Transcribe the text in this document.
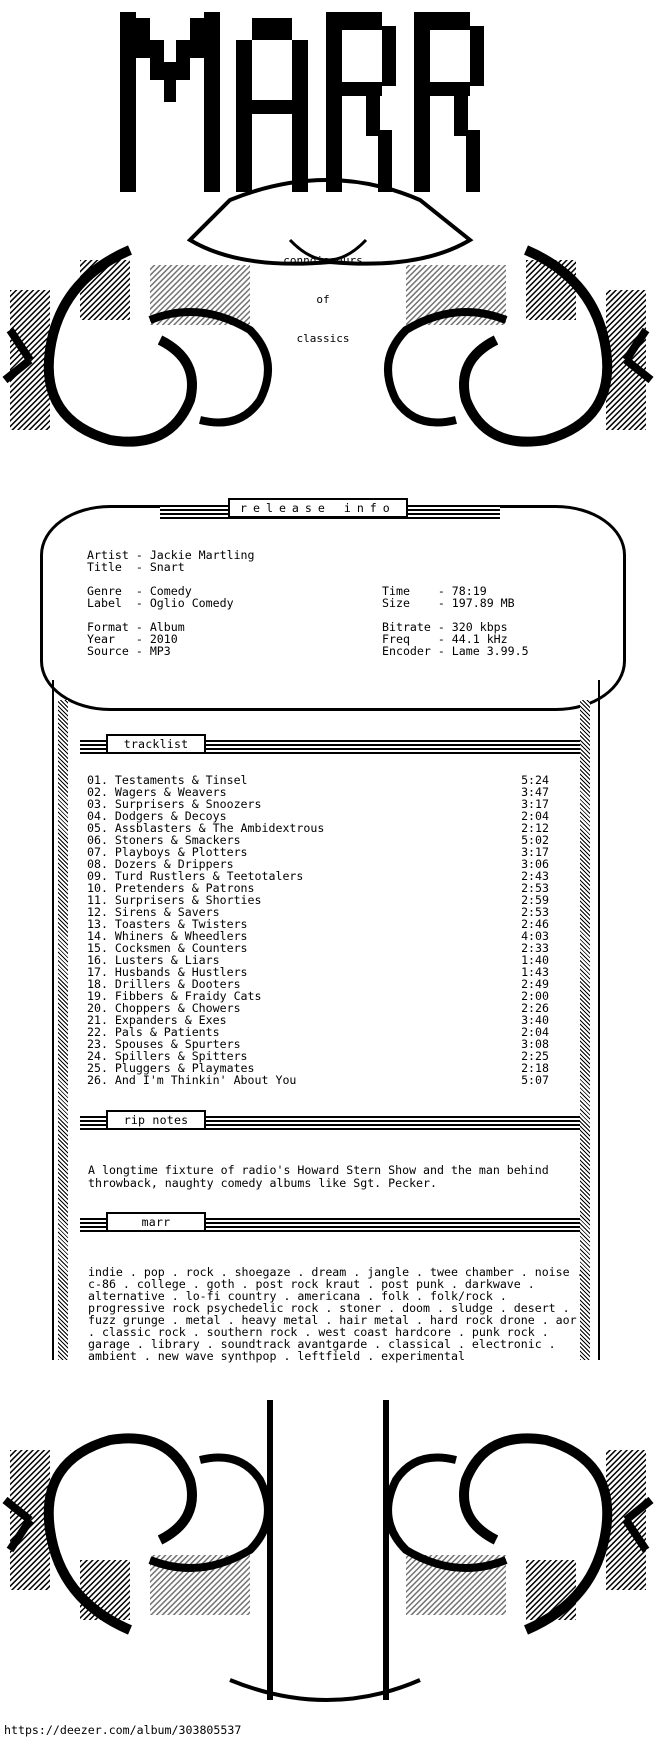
connoisseurs

of

classics

release info
Artist - Jackie Martling
Title  - Snart

Genre  - Comedy
Label  - Oglio Comedy

Format - Album
Year   - 2010
Source - MP3
Time    - 78:19
Size    - 197.89 MB

Bitrate - 320 kbps
Freq    - 44.1 kHz
Encoder - Lame 3.99.5
tracklist
01. Testaments & Tinsel	5:24
02. Wagers & Weavers	3:47
03. Surprisers & Snoozers	3:17
04. Dodgers & Decoys	2:04
05. Assblasters & The Ambidextrous	2:12
06. Stoners & Smackers	5:02
07. Playboys & Plotters	3:17
08. Dozers & Drippers	3:06
09. Turd Rustlers & Teetotalers	2:43
10. Pretenders & Patrons	2:53
11. Surprisers & Shorties	2:59
12. Sirens & Savers	2:53
13. Toasters & Twisters	2:46
14. Whiners & Wheedlers	4:03
15. Cocksmen & Counters	2:33
16. Lusters & Liars	1:40
17. Husbands & Hustlers	1:43
18. Drillers & Dooters	2:49
19. Fibbers & Fraidy Cats	2:00
20. Choppers & Chowers	2:26
21. Expanders & Exes	3:40
22. Pals & Patients	2:04
23. Spouses & Spurters	3:08
24. Spillers & Spitters	2:25
25. Pluggers & Playmates	2:18
26. And I'm Thinkin' About You	5:07
rip notes
A longtime fixture of radio's Howard Stern Show and the man behind throwback, naughty comedy albums like Sgt. Pecker.
marr
indie . pop . rock . shoegaze . dream . jangle . twee chamber . noise . c-86 . college . goth . post rock kraut . post punk . darkwave . alternative . lo-fi country . americana . folk . folk/rock . progressive rock psychedelic rock . stoner . doom . sludge . desert . fuzz grunge . metal . heavy metal . hair metal . hard rock drone . aor . classic rock . southern rock . west coast hardcore . punk rock . garage . library . soundtrack avantgarde . classical . electronic . ambient . new wave synthpop . leftfield . experimental
https://deezer.com/album/303805537
